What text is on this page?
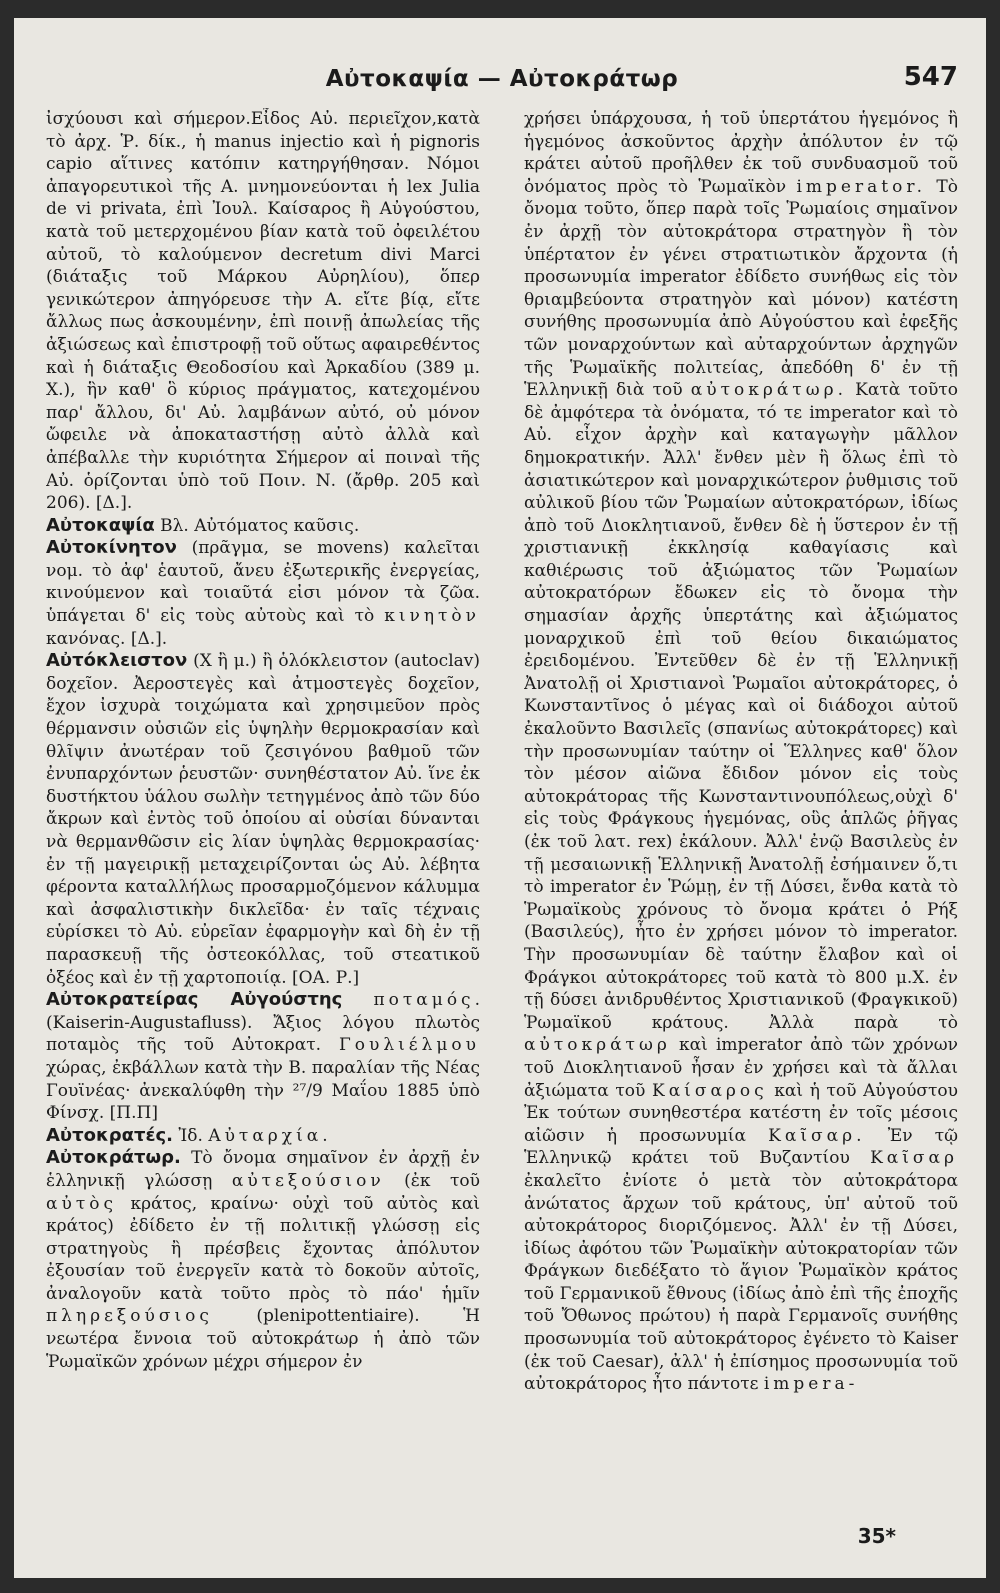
Αὐτοκαψία — Αὐτοκράτωρ	547

ἰσχύουσι καὶ σήμερον.Εἶδος Αὐ. περιεῖχον,κατὰ τὸ ἀρχ. Ῥ. δίκ., ἡ manus injectio καὶ ἡ pignoris capio αἵτινες κατόπιν κατηργήθησαν. Νόμοι ἀπαγορευτικοὶ τῆς Α. μνημονεύονται ἡ lex Julia de vi privata, ἐπὶ Ἰουλ. Καίσαρος ἢ Αὐγούστου, κατὰ τοῦ μετερχομένου βίαν κατὰ τοῦ ὀφειλέτου αὐτοῦ, τὸ καλούμενον decretum divi Marci (διάταξις τοῦ Μάρκου Αὐρηλίου), ὅπερ γενικώτερον ἀπηγόρευσε τὴν Α. εἴτε βίᾳ, εἴτε ἄλλως πως ἀσκουμένην, ἐπὶ ποινῇ ἀπωλείας τῆς ἀξιώσεως καὶ ἐπιστροφῇ τοῦ οὕτως αφαιρεθέντος καὶ ἡ διάταξις Θεοδοσίου καὶ Ἀρκαδίου (389 μ. Χ.), ἣν καθ' ὃ κύριος πράγματος, κατεχομένου παρ' ἄλλου, δι' Αὐ. λαμβάνων αὐτό, οὐ μόνον ὤφειλε νὰ ἀποκαταστήσῃ αὐτὸ ἀλλὰ καὶ ἀπέβαλλε τὴν κυριότητα Σήμερον αἱ ποιναὶ τῆς Αὐ. ὁρίζονται ὑπὸ τοῦ Ποιν. Ν. (ἄρθρ. 205 καὶ 206). [Δ.].

Αὐτοκαψία Βλ. Αὐτόματος καῦσις.

Αὐτοκίνητον (πρᾶγμα, se movens) καλεῖται νομ. τὸ ἀφ' ἑαυτοῦ, ἄνευ ἐξωτερικῆς ἐνεργείας, κινούμενον καὶ τοιαῦτά εἰσι μόνον τὰ ζῶα. ὑπάγεται δ' εἰς τοὺς αὐτοὺς καὶ τὸ κινητὸν κανόνας. [Δ.].

Αὐτόκλειστον (Χ ἢ μ.) ἢ ὁλόκλειστον (autoclav) δοχεῖον. Ἀεροστεγὲς καὶ ἀτμοστεγὲς δοχεῖον, ἔχον ἰσχυρὰ τοιχώματα καὶ χρησιμεῦον πρὸς θέρμανσιν οὐσιῶν εἰς ὑψηλὴν θερμοκρασίαν καὶ θλῖψιν ἀνωτέραν τοῦ ζεσιγόνου βαθμοῦ τῶν ἐνυπαρχόντων ῥευστῶν· συνηθέστατον Αὐ. ἵνε ἐκ δυστήκτου ὑάλου σωλὴν τετηγμένος ἀπὸ τῶν δύο ἄκρων καὶ ἐντὸς τοῦ ὁποίου αἱ οὐσίαι δύνανται νὰ θερμανθῶσιν εἰς λίαν ὑψηλὰς θερμοκρασίας· ἐν τῇ μαγειρικῇ μεταχειρίζονται ὡς Αὐ. λέβητα φέροντα καταλλήλως προσαρμοζόμενον κάλυμμα καὶ ἀσφαλιστικὴν δικλεῖδα· ἐν ταῖς τέχναις εὑρίσκει τὸ Αὐ. εὐρεῖαν ἐφαρμογὴν καὶ δὴ ἐν τῇ παρασκευῇ τῆς ὀστεοκόλλας, τοῦ στεατικοῦ ὀξέος καὶ ἐν τῇ χαρτοποιίᾳ. [ΟΑ. Ρ.]

Αὐτοκρατείρας Αὐγούστης ποταμός. (Kaiserin-Augustafluss). Ἄξιος λόγου πλωτὸς ποταμὸς τῆς τοῦ Αὐτοκρατ. Γουλιέλμου χώρας, ἐκβάλλων κατὰ τὴν Β. παραλίαν τῆς Νέας Γουϊνέας· ἀνεκαλύφθη τὴν ²⁷/9 Μαΐου 1885 ὑπὸ Φίνσχ. [Π.Π]

Αὐτοκρατές. Ἰδ. Αὐταρχία.

Αὐτοκράτωρ. Τὸ ὄνομα σημαῖνον ἐν ἀρχῇ ἐν ἑλληνικῇ γλώσσῃ αὐτεξούσιον (ἐκ τοῦ αὐτὸς κράτος, κραίνω· οὐχὶ τοῦ αὐτὸς καὶ κράτος) ἐδίδετο ἐν τῇ πολιτικῇ γλώσσῃ εἰς στρατηγοὺς ἢ πρέσβεις ἔχοντας ἀπόλυτον ἐξουσίαν τοῦ ἐνεργεῖν κατὰ τὸ δοκοῦν αὐτοῖς, ἀναλογοῦν κατὰ τοῦτο πρὸς τὸ πάο' ἡμῖν πληρεξούσιος (plenipottentiaire). Ἡ νεωτέρα ἔννοια τοῦ αὐτοκράτωρ ἡ ἀπὸ τῶν Ῥωμαϊκῶν χρόνων μέχρι σήμερον ἐν

χρήσει ὑπάρχουσα, ἡ τοῦ ὑπερτάτου ἡγεμόνος ἢ ἡγεμόνος ἀσκοῦντος ἀρχὴν ἀπόλυτον ἐν τῷ κράτει αὐτοῦ προῆλθεν ἐκ τοῦ συνδυασμοῦ τοῦ ὀνόματος πρὸς τὸ Ῥωμαϊκὸν imperator. Τὸ ὄνομα τοῦτο, ὅπερ παρὰ τοῖς Ῥωμαίοις σημαῖνον ἐν ἀρχῇ τὸν αὐτοκράτορα στρατηγὸν ἢ τὸν ὑπέρτατον ἐν γένει στρατιωτικὸν ἄρχοντα (ἡ προσωνυμία imperator ἐδίδετο συνήθως εἰς τὸν θριαμβεύοντα στρατηγὸν καὶ μόνον) κατέστη συνήθης προσωνυμία ἀπὸ Αὐγούστου καὶ ἐφεξῆς τῶν μοναρχούντων καὶ αὐταρχούντων ἀρχηγῶν τῆς Ῥωμαϊκῆς πολιτείας, ἀπεδόθη δ' ἐν τῇ Ἑλληνικῇ διὰ τοῦ αὐτοκράτωρ. Κατὰ τοῦτο δὲ ἀμφότερα τὰ ὀνόματα, τό τε imperator καὶ τὸ Αὐ. εἶχον ἀρχὴν καὶ καταγωγὴν μᾶλλον δημοκρατικήν. Ἀλλ' ἔνθεν μὲν ἢ ὅλως ἐπὶ τὸ ἀσιατικώτερον καὶ μοναρχικώτερον ῥυθμισις τοῦ αὐλικοῦ βίου τῶν Ῥωμαίων αὐτοκρατόρων, ἰδίως ἀπὸ τοῦ Διοκλητιανοῦ, ἔνθεν δὲ ἡ ὕστερον ἐν τῇ χριστιανικῇ ἐκκλησίᾳ καθαγίασις καὶ καθιέρωσις τοῦ ἀξιώματος τῶν Ῥωμαίων αὐτοκρατόρων ἔδωκεν εἰς τὸ ὄνομα τὴν σημασίαν ἀρχῆς ὑπερτάτης καὶ ἀξιώματος μοναρχικοῦ ἐπὶ τοῦ θείου δικαιώματος ἐρειδομένου. Ἐντεῦθεν δὲ ἐν τῇ Ἑλληνικῇ Ἀνατολῇ οἱ Χριστιανοὶ Ῥωμαῖοι αὐτοκράτορες, ὁ Κωνσταντῖνος ὁ μέγας καὶ οἱ διάδοχοι αὐτοῦ ἐκαλοῦντο Βασιλεῖς (σπανίως αὐτοκράτορες) καὶ τὴν προσωνυμίαν ταύτην οἱ Ἕλληνες καθ' ὅλον τὸν μέσον αἰῶνα ἔδιδον μόνον εἰς τοὺς αὐτοκράτορας τῆς Κωνσταντινουπόλεως,οὐχὶ δ' εἰς τοὺς Φράγκους ἡγεμόνας, οὓς ἁπλῶς ῥῆγας (ἐκ τοῦ λατ. rex) ἐκάλουν. Ἀλλ' ἐνῷ Βασιλεὺς ἐν τῇ μεσαιωνικῇ Ἑλληνικῇ Ἀνατολῇ ἐσήμαινεν ὅ,τι τὸ imperator ἐν Ῥώμῃ, ἐν τῇ Δύσει, ἔνθα κατὰ τὸ Ῥωμαϊκοὺς χρόνους τὸ ὄνομα κράτει ὁ Ρήξ (Βασιλεύς), ἦτο ἐν χρήσει μόνον τὸ imperator. Τὴν προσωνυμίαν δὲ ταύτην ἔλαβον καὶ οἱ Φράγκοι αὐτοκράτορες τοῦ κατὰ τὸ 800 μ.Χ. ἐν τῇ δύσει ἀνιδρυθέντος Χριστιανικοῦ (Φραγκικοῦ) Ῥωμαϊκοῦ κράτους. Ἀλλὰ παρὰ τὸ αὐτοκράτωρ καὶ imperator ἀπὸ τῶν χρόνων τοῦ Διοκλητιανοῦ ἦσαν ἐν χρήσει καὶ τὰ ἄλλαι ἀξιώματα τοῦ Καίσαρος καὶ ἡ τοῦ Αὐγούστου Ἐκ τούτων συνηθεστέρα κατέστη ἐν τοῖς μέσοις αἰῶσιν ἡ προσωνυμία Καῖσαρ. Ἐν τῷ Ἑλληνικῷ κράτει τοῦ Βυζαντίου Καῖσαρ ἐκαλεῖτο ἐνίοτε ὁ μετὰ τὸν αὐτοκράτορα ἀνώτατος ἄρχων τοῦ κράτους, ὑπ' αὐτοῦ τοῦ αὐτοκράτορος διοριζόμενος. Ἀλλ' ἐν τῇ Δύσει, ἰδίως ἀφότου τῶν Ῥωμαϊκὴν αὐτοκρατορίαν τῶν Φράγκων διεδέξατο τὸ ἅγιον Ῥωμαϊκὸν κράτος τοῦ Γερμανικοῦ ἔθνους (ἰδίως ἀπὸ ἐπὶ τῆς ἐποχῆς τοῦ Ὄθωνος πρώτου) ἡ παρὰ Γερμανοῖς συνήθης προσωνυμία τοῦ αὐτοκράτορος ἐγένετο τὸ Kaiser (ἐκ τοῦ Caesar), ἀλλ' ἡ ἐπίσημος προσωνυμία τοῦ αὐτοκράτορος ἦτο πάντοτε impera-

35*
